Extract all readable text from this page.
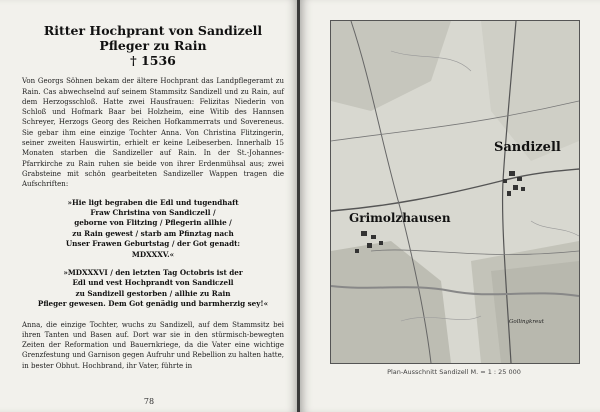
Ritter Hochprant von Sandizell

Pfleger zu Rain

† 1536

Von Georgs Söhnen bekam der ältere Hochprant das Landpflegeramt zu Rain. Cas abwechselnd auf seinem Stammsitz Sandizell und zu Rain, auf dem Herzogsschloß. Hatte zwei Hausfrauen: Felizitas Niederin von Schloß und Hofmark Baar bei Holzheim, eine Witib des Hannsen Schreyer, Herzogs Georg des Reichen Hofkammerrats und Sovereneus. Sie gebar ihm eine einzige Tochter Anna. Von Christina Flitzingerin, seiner zweiten Hauswirtin, erhielt er keine Leibeserben. Innerhalb 15 Monaten starben die Sandizeller auf Rain. In der St.-Johannes-Pfarrkirche zu Rain ruhen sie beide von ihrer Erdenmühsal aus; zwei Grabsteine mit schön gearbeiteten Sandizeller Wappen tragen die Aufschriften:

»Hie ligt begraben die Edl und tugendhaft
Fraw Christina von Sandiczell /
geborne von Flitzing / Pflegerin allhie /
zu Rain gewest / starb am Pfinztag nach
Unser Frawen Geburtstag / der Got genadt:
MDXXXV.«
»MDXXXVI / den letzten Tag Octobris ist der
Edl und vest Hochprandt von Sandiczell
zu Sandizell gestorben / allhie zu Rain
Pfleger gewesen. Dem Got genädig und barmherzig sey!«

Anna, die einzige Tochter, wuchs zu Sandizell, auf dem Stammsitz bei ihren Tanten und Basen auf. Dort war sie in den stürmisch-bewegten Zeiten der Reformation und Bauernkriege, da die Vater eine wichtige Grenzfestung und Garnison gegen Aufruhr und Rebellion zu halten hatte, in bester Obhut. Hochbrand, ihr Vater, führte in

78
Sandizell
Grimolzhausen
Gollingkreut
Plan-Ausschnitt Sandizell M. = 1 : 25 000
